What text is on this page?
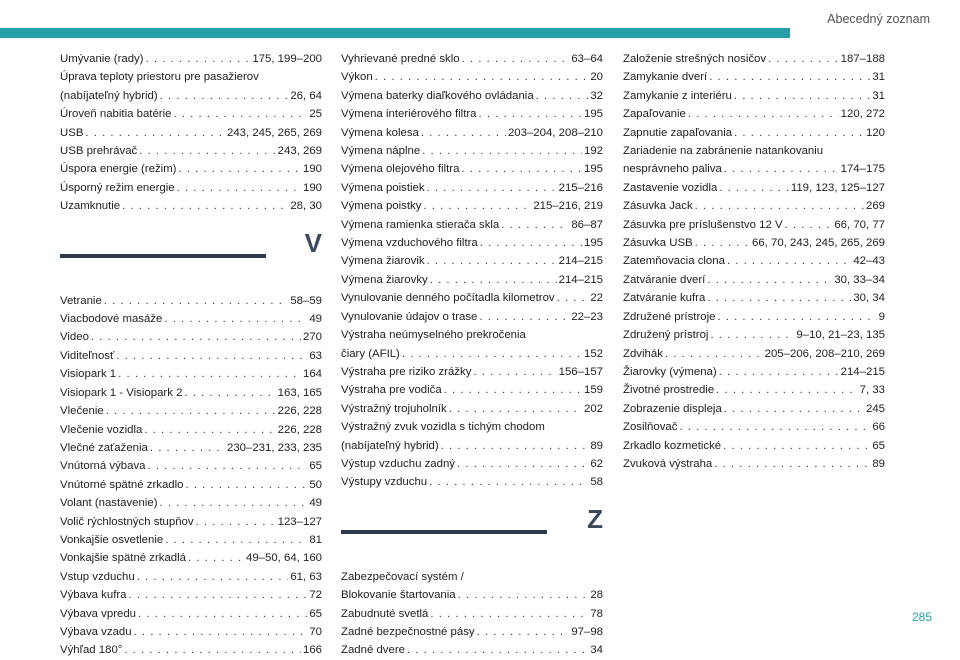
Abecedný zoznam
Umývanie (rady) . . .	175, 199–200
Úprava teploty priestoru pre pasažierov
(nabíjateľný hybrid) . . .	26, 64
Úroveň nabitia batérie . . .	25
USB . . .	243, 245, 265, 269
USB prehrávač . . .	243, 269
Úspora energie (režim) . . .	190
Úsporný režim energie . . .	190
Uzamknutie . . .	28, 30
V
Vetranie . . .	58–59
Viacbodové masáže . . .	49
Video . . .	270
Viditeľnosť . . .	63
Visiopark 1 . . .	164
Visiopark 1 - Visiopark 2 . . .	163, 165
Vlečenie . . .	226, 228
Vlečenie vozidla . . .	226, 228
Vlečné zaťaženia . . .	230–231, 233, 235
Vnútorná výbava . . .	65
Vnútorné spätné zrkadlo . . .	50
Volant (nastavenie) . . .	49
Volič rýchlostných stupňov . . .	123–127
Vonkajšie osvetlenie . . .	81
Vonkajšie spätné zrkadlá . . .	49–50, 64, 160
Vstup vzduchu . . .	61, 63
Výbava kufra . . .	72
Výbava vpredu . . .	65
Výbava vzadu . . .	70
Výhľad 180° . . .	166
Vyhrievané predné sklo . . .	63–64
Výkon . . .	20
Výmena baterky diaľkového ovládania . . .	32
Výmena interiérového filtra . . .	195
Výmena kolesa . . .	203–204, 208–210
Výmena náplne . . .	192
Výmena olejového filtra . . .	195
Výmena poistiek . . .	215–216
Výmena poistky . . .	215–216, 219
Výmena ramienka stierača skla . . .	86–87
Výmena vzduchového filtra . . .	195
Výmena žiarovik . . .	214–215
Výmena žiarovky . . .	214–215
Vynulovanie denného počítadla kilometrov . . .	22
Vynulovanie údajov o trase . . .	22–23
Výstraha neúmyselného prekročenia
čiary (AFIL) . . .	152
Výstraha pre riziko zrážky . . .	156–157
Výstraha pre vodiča . . .	159
Výstražný trojuholník . . .	202
Výstražný zvuk vozidla s tichým chodom
(nabíjateľný hybrid) . . .	89
Výstup vzduchu zadný . . .	62
Výstupy vzduchu . . .	58
Z
Zabezpečovací systém /
Blokovanie štartovania . . .	28
Zabudnuté svetlá . . .	78
Zadné bezpečnostné pásy . . .	97–98
Zadné dvere . . .	34
Založenie strešných nosičov . . .	187–188
Zamykanie dverí . . .	31
Zamykanie z interiéru . . .	31
Zapaľovanie . . .	120, 272
Zapnutie zapaľovania . . .	120
Zariadenie na zabránenie natankovaniu
nesprávneho paliva . . .	174–175
Zastavenie vozidla . . .	119, 123, 125–127
Zásuvka Jack . . .	269
Zásuvka pre príslušenstvo 12 V . . .	66, 70, 77
Zásuvka USB . . .	66, 70, 243, 245, 265, 269
Zatemňovacia clona . . .	42–43
Zatváranie dverí . . .	30, 33–34
Zatváranie kufra . . .	30, 34
Združené prístroje . . .	9
Združený prístroj . . .	9–10, 21–23, 135
Zdvihák . . .	205–206, 208–210, 269
Žiarovky (výmena) . . .	214–215
Životné prostredie . . .	7, 33
Zobrazenie displeja . . .	245
Zosilňovač . . .	66
Zrkadlo kozmetické . . .	65
Zvuková výstraha . . .	89
285
